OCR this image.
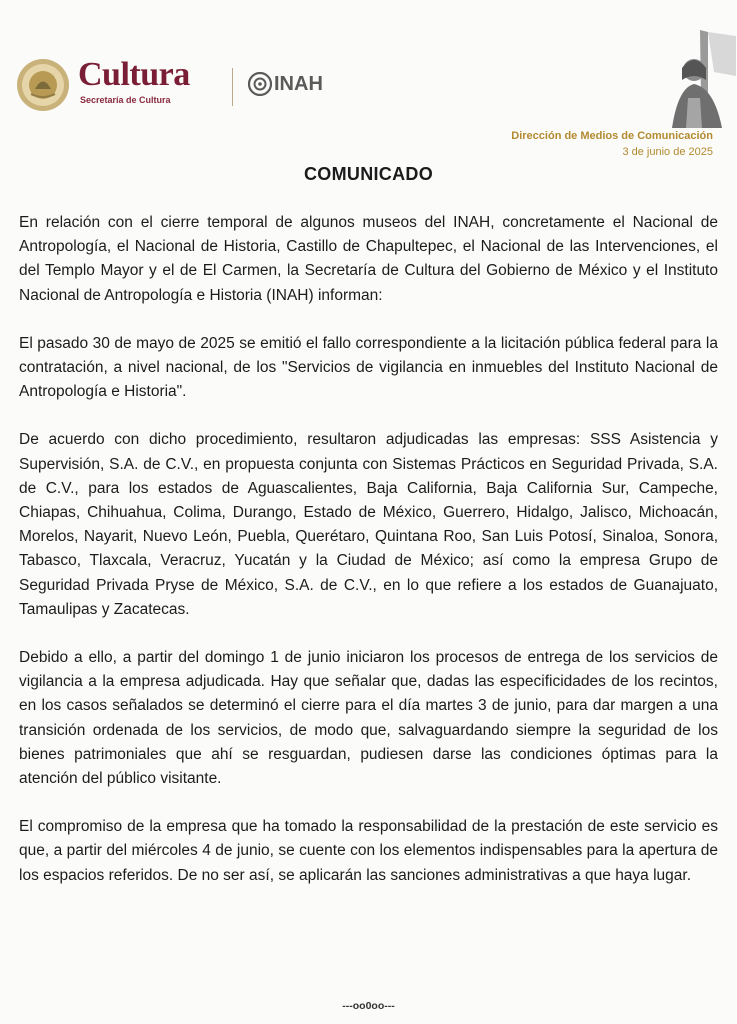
Cultura
Secretaría de Cultura
INAH
Dirección de Medios de Comunicación
3 de junio de 2025
COMUNICADO

En relación con el cierre temporal de algunos museos del INAH, concretamente el Nacional de Antropología, el Nacional de Historia, Castillo de Chapultepec, el Nacional de las Intervenciones, el del Templo Mayor y el de El Carmen, la Secretaría de Cultura del Gobierno de México y el Instituto Nacional de Antropología e Historia (INAH) informan:

El pasado 30 de mayo de 2025 se emitió el fallo correspondiente a la licitación pública federal para la contratación, a nivel nacional, de los "Servicios de vigilancia en inmuebles del Instituto Nacional de Antropología e Historia".

De acuerdo con dicho procedimiento, resultaron adjudicadas las empresas: SSS Asistencia y Supervisión, S.A. de C.V., en propuesta conjunta con Sistemas Prácticos en Seguridad Privada, S.A. de C.V., para los estados de Aguascalientes, Baja California, Baja California Sur, Campeche, Chiapas, Chihuahua, Colima, Durango, Estado de México, Guerrero, Hidalgo, Jalisco, Michoacán, Morelos, Nayarit, Nuevo León, Puebla, Querétaro, Quintana Roo, San Luis Potosí, Sinaloa, Sonora, Tabasco, Tlaxcala, Veracruz, Yucatán y la Ciudad de México; así como la empresa Grupo de Seguridad Privada Pryse de México, S.A. de C.V., en lo que refiere a los estados de Guanajuato, Tamaulipas y Zacatecas.

Debido a ello, a partir del domingo 1 de junio iniciaron los procesos de entrega de los servicios de vigilancia a la empresa adjudicada. Hay que señalar que, dadas las especificidades de los recintos, en los casos señalados se determinó el cierre para el día martes 3 de junio, para dar margen a una transición ordenada de los servicios, de modo que, salvaguardando siempre la seguridad de los bienes patrimoniales que ahí se resguardan, pudiesen darse las condiciones óptimas para la atención del público visitante.

El compromiso de la empresa que ha tomado la responsabilidad de la prestación de este servicio es que, a partir del miércoles 4 de junio, se cuente con los elementos indispensables para la apertura de los espacios referidos. De no ser así, se aplicarán las sanciones administrativas a que haya lugar.

---oo0oo---
